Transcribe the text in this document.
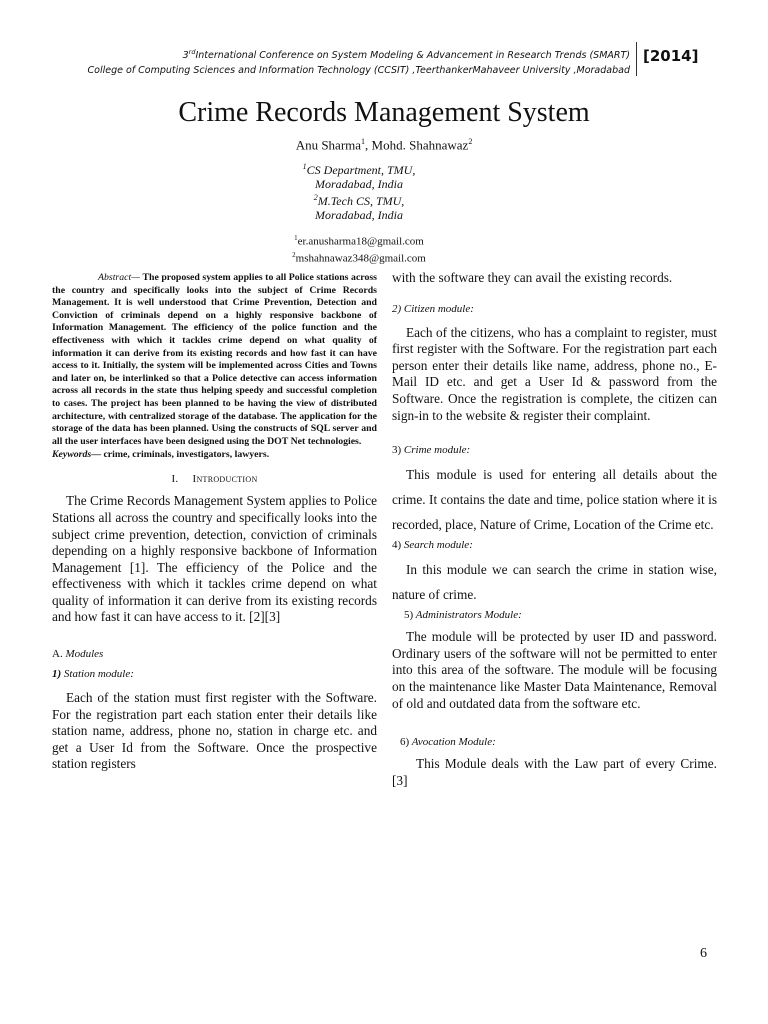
3rdInternational Conference on System Modeling & Advancement in Research Trends (SMART)
College of Computing Sciences and Information Technology (CCSIT) ,TeerthankerMahaveer University ,Moradabad
[2014]
Crime Records Management System
Anu Sharma$^1$, Mohd. Shahnawaz$^2$
$^1$CS Department, TMU,
Moradabad, India
$^2$M.Tech CS, TMU,
Moradabad, India
$^1$er.anusharma18@gmail.com
$^2$mshahnawaz348@gmail.com

Abstract— The proposed system applies to all Police stations across the country and specifically looks into the subject of Crime Records Management. It is well understood that Crime Prevention, Detection and Conviction of criminals depend on a highly responsive backbone of Information Management. The efficiency of the police function and the effectiveness with which it tackles crime depend on what quality of information it can derive from its existing records and how fast it can have access to it. Initially, the system will be implemented across Cities and Towns and later on, be interlinked so that a Police detective can access information across all records in the state thus helping speedy and successful completion to cases. The project has been planned to be having the view of distributed architecture, with centralized storage of the database. The application for the storage of the data has been planned. Using the constructs of SQL server and all the user interfaces have been designed using the DOT Net technologies.

Keywords— crime, criminals, investigators, lawyers.

I. Introduction

The Crime Records Management System applies to Police Stations all across the country and specifically looks into the subject crime prevention, detection, conviction of criminals depending on a highly responsive backbone of Information Management [1]. The efficiency of the Police and the effectiveness with which it tackles crime depend on what quality of information it can derive from its existing records and how fast it can have access to it. [2][3]

A. Modules
1) Station module:

Each of the station must first register with the Software. For the registration part each station enter their details like station name, address, phone no, station in charge etc. and get a User Id from the Software. Once the prospective station registers

with the software they can avail the existing records.

2) Citizen module:

Each of the citizens, who has a complaint to register, must first register with the Software. For the registration part each person enter their details like name, address, phone no., E-Mail ID etc. and get a User Id & password from the Software. Once the registration is complete, the citizen can sign-in to the website & register their complaint.

3) Crime module:

This module is used for entering all details about the crime. It contains the date and time, police station where it is recorded, place, Nature of Crime, Location of the Crime etc.

4) Search module:

In this module we can search the crime in station wise, nature of crime.

5) Administrators Module:

The module will be protected by user ID and password. Ordinary users of the software will not be permitted to enter into this area of the software. The module will be focusing on the maintenance like Master Data Maintenance, Removal of old and outdated data from the software etc.

6) Avocation Module:

This Module deals with the Law part of every Crime. [3]

6
